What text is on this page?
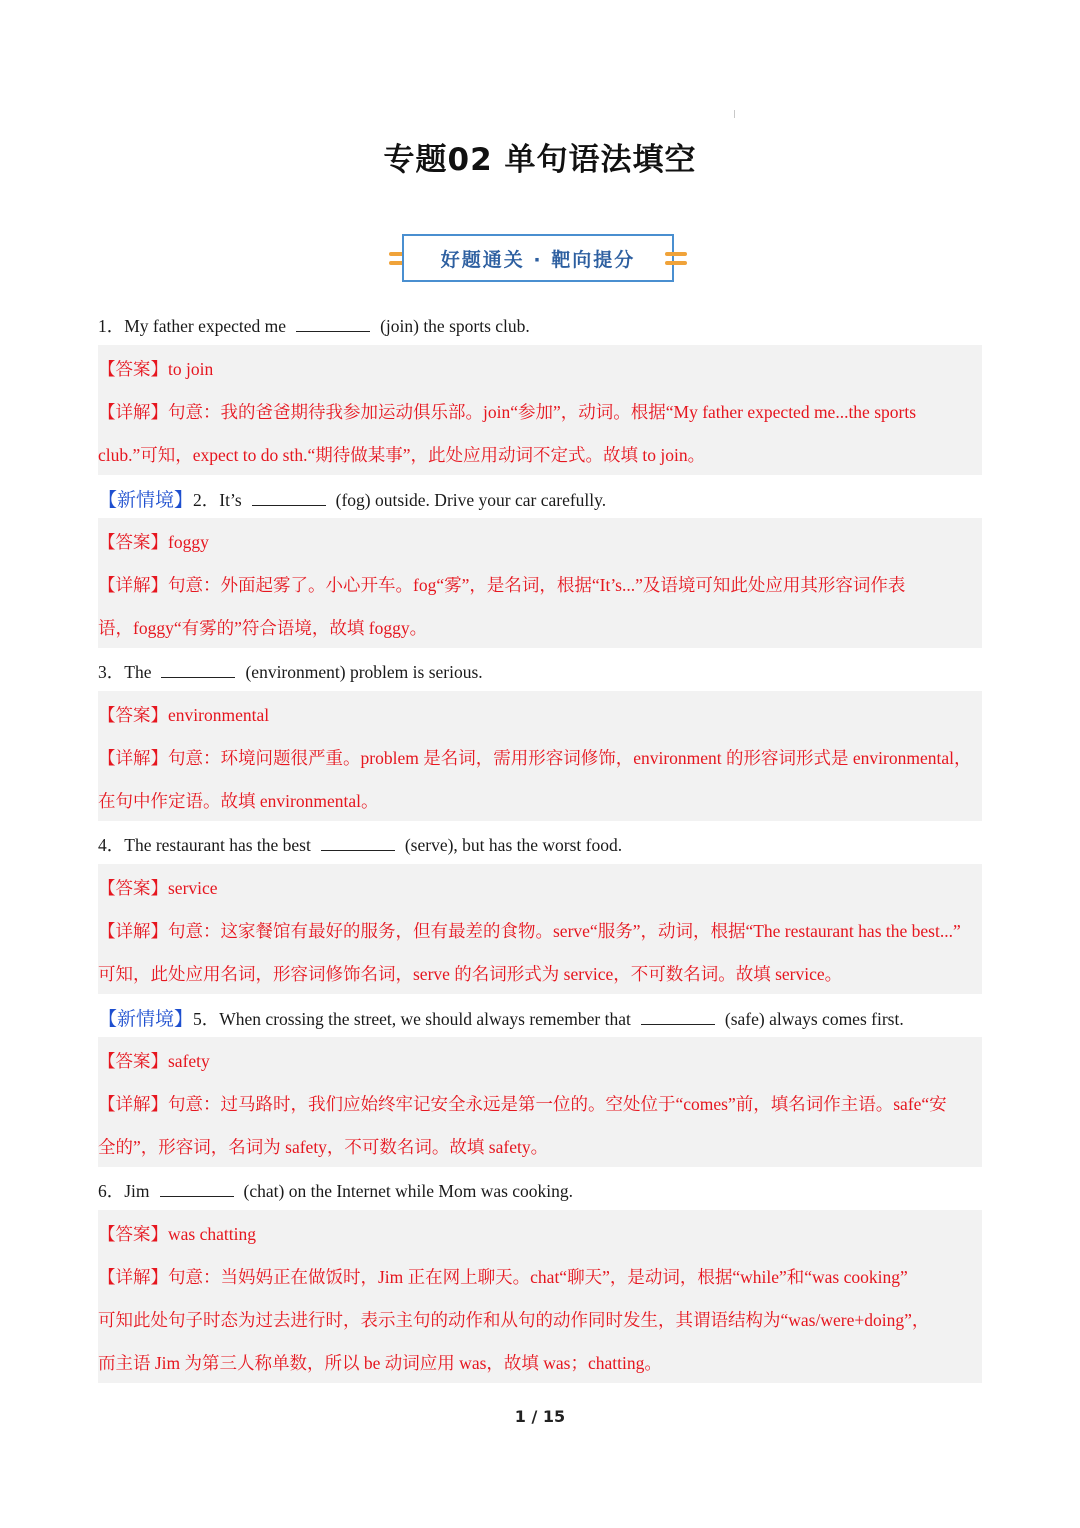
专题02 单句语法填空
好题通关 · 靶向提分
1．My father expected me	(join) the sports club.
【答案】to join
【详解】句意：我的爸爸期待我参加运动俱乐部。join“参加”，动词。根据“My father expected me...the sports
club.”可知，expect to do sth.“期待做某事”，此处应用动词不定式。故填 to join。
【新情境】2．It’s	(fog) outside. Drive your car carefully.
【答案】foggy
【详解】句意：外面起雾了。小心开车。fog“雾”，是名词，根据“It’s...”及语境可知此处应用其形容词作表
语，foggy“有雾的”符合语境，故填 foggy。
3．The	(environment) problem is serious.
【答案】environmental
【详解】句意：环境问题很严重。problem 是名词，需用形容词修饰，environment 的形容词形式是 environmental，
在句中作定语。故填 environmental。
4．The restaurant has the best	(serve), but has the worst food.
【答案】service
【详解】句意：这家餐馆有最好的服务，但有最差的食物。serve“服务”，动词，根据“The restaurant has the best...”
可知，此处应用名词，形容词修饰名词，serve 的名词形式为 service，不可数名词。故填 service。
【新情境】5．When crossing the street, we should always remember that	(safe) always comes first.
【答案】safety
【详解】句意：过马路时，我们应始终牢记安全永远是第一位的。空处位于“comes”前，填名词作主语。safe“安
全的”，形容词，名词为 safety，不可数名词。故填 safety。
6．Jim	(chat) on the Internet while Mom was cooking.
【答案】was chatting
【详解】句意：当妈妈正在做饭时，Jim 正在网上聊天。chat“聊天”，是动词，根据“while”和“was cooking”
可知此处句子时态为过去进行时，表示主句的动作和从句的动作同时发生，其谓语结构为“was/were+doing”，
而主语 Jim 为第三人称单数，所以 be 动词应用 was，故填 was；chatting。
1 / 15
